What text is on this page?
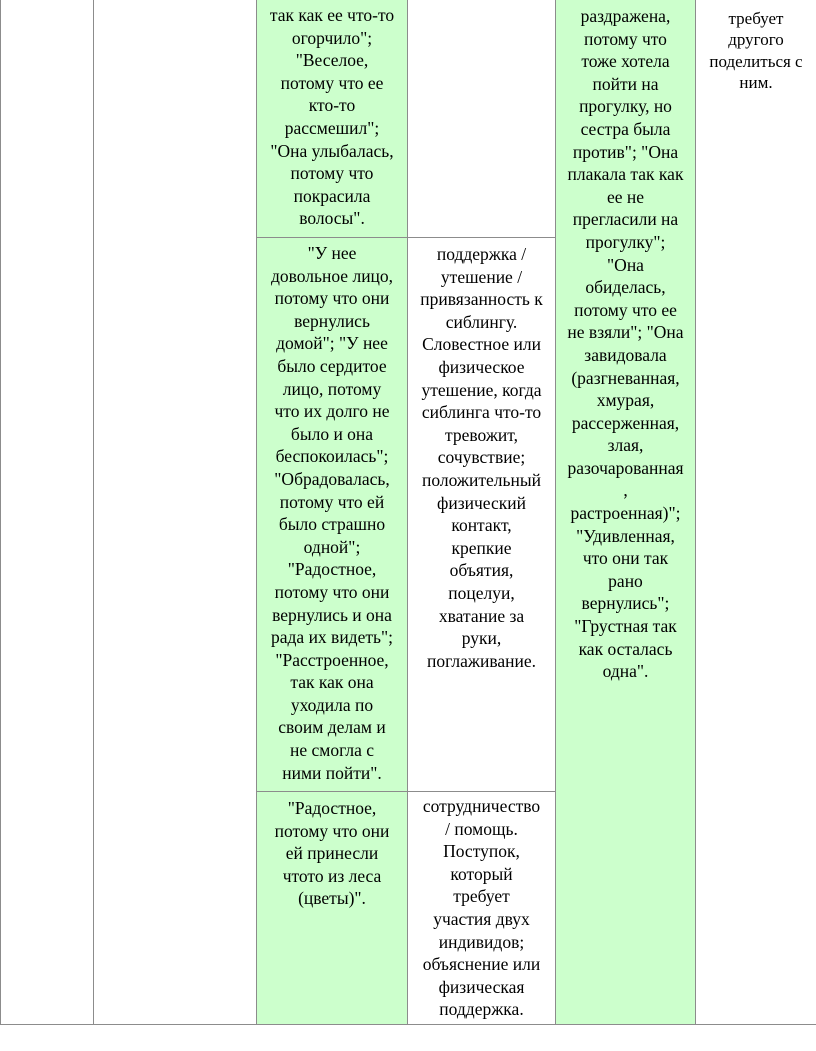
так как ее что-то
огорчило";
"Веселое,
потому что ее
кто-то
рассмешил";
"Она улыбалась,
потому что
покрасила
волосы".

"У нее
довольное лицо,
потому что они
вернулись
домой"; "У нее
было сердитое
лицо, потому
что их долго не
было и она
беспокоилась";
"Обрадовалась,
потому что ей
было страшно
одной";
"Радостное,
потому что они
вернулись и она
рада их видеть";
"Расстроенное,
так как она
уходила по
своим делам и
не смогла с
ними пойти".

"Радостное,
потому что они
ей принесли
чтото из леса
(цветы)".

поддержка /
утешение /
привязанность к
сиблингу.
Словестное или
физическое
утешение, когда
сиблинга что-то
тревожит,
сочувствие;
положительный
физический
контакт,
крепкие
объятия,
поцелуи,
хватание за
руки,
поглаживание.

сотрудничество
/ помощь.
Поступок,
который
требует
участия двух
индивидов;
объяснение или
физическая
поддержка.

раздражена,
потому что
тоже хотела
пойти на
прогулку, но
сестра была
против"; "Она
плакала так как
ее не
прегласили на
прогулку";
"Она
обиделась,
потому что ее
не взяли"; "Она
завидовала
(разгневанная,
хмурая,
рассерженная,
злая,
разочарованная
,
растроенная)";
"Удивленная,
что они так
рано
вернулись";
"Грустная так
как осталась
одна".

требует
другого
поделиться с
ним.
